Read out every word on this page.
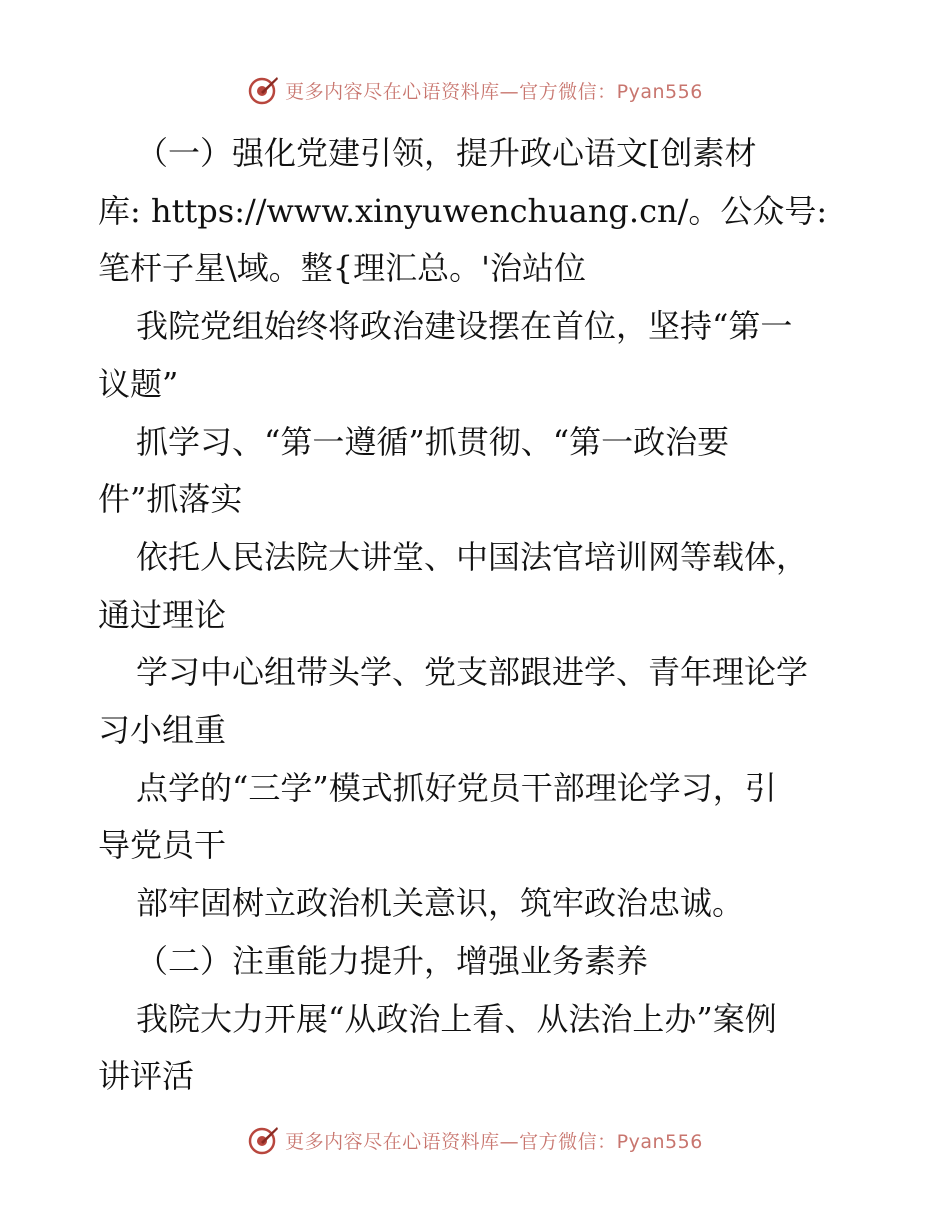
更多内容尽在心语资料库—官方微信：Pyan556

（一）强化党建引领，提升政心语文[创素材

库: https://www.xinyuwenchuang.cn/。公众号:

笔杆子星\域。整{理汇总。'治站位

我院党组始终将政治建设摆在首位，坚持“第一

议题”

抓学习、“第一遵循”抓贯彻、“第一政治要

件”抓落实

依托人民法院大讲堂、中国法官培训网等载体，

通过理论

学习中心组带头学、党支部跟进学、青年理论学

习小组重

点学的“三学”模式抓好党员干部理论学习，引

导党员干

部牢固树立政治机关意识，筑牢政治忠诚。

（二）注重能力提升，增强业务素养

我院大力开展“从政治上看、从法治上办”案例

讲评活

更多内容尽在心语资料库—官方微信：Pyan556
